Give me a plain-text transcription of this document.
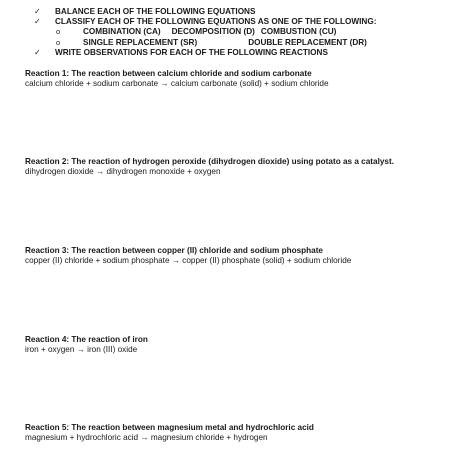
✓	BALANCE EACH OF THE FOLLOWING EQUATIONS
✓	CLASSIFY EACH OF THE FOLLOWING EQUATIONS AS ONE OF THE FOLLOWING:
o	COMBINATION (CA) DECOMPOSITION (D) COMBUSTION (CU)
o	SINGLE REPLACEMENT (SR)	DOUBLE REPLACEMENT (DR)
✓	WRITE OBSERVATIONS FOR EACH OF THE FOLLOWING REACTIONS
Reaction 1: The reaction between calcium chloride and sodium carbonate
calcium chloride + sodium carbonate → calcium carbonate (solid) + sodium chloride
Reaction 2: The reaction of hydrogen peroxide (dihydrogen dioxide) using potato as a catalyst.
dihydrogen dioxide → dihydrogen monoxide + oxygen
Reaction 3: The reaction between copper (II) chloride and sodium phosphate
copper (II) chloride + sodium phosphate → copper (II) phosphate (solid) + sodium chloride
Reaction 4: The reaction of iron
iron + oxygen → iron (III) oxide
Reaction 5: The reaction between magnesium metal and hydrochloric acid
magnesium + hydrochloric acid → magnesium chloride + hydrogen
